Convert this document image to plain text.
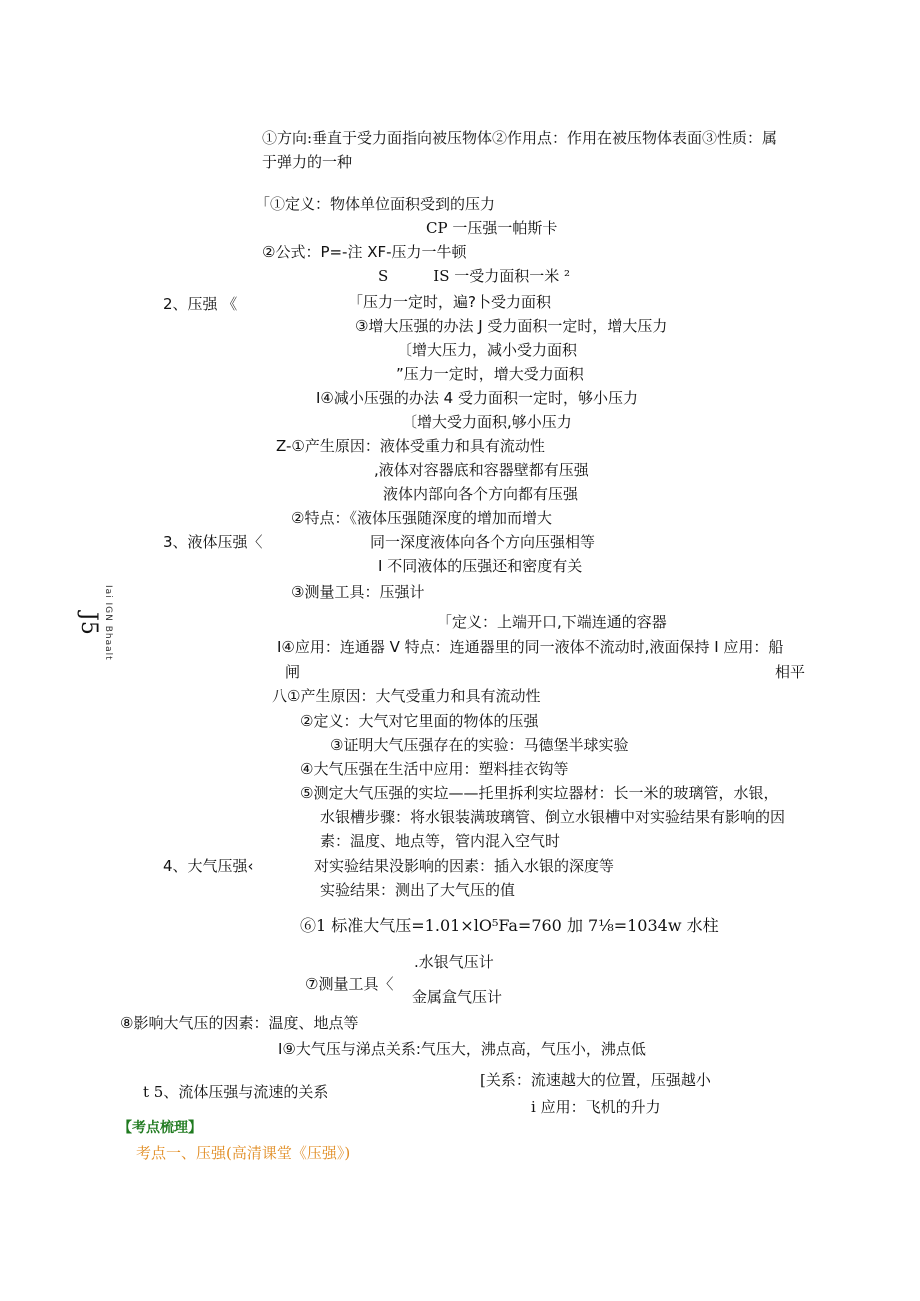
①方向:垂直于受力面指向被压物体②作用点：作用在被压物体表面③性质：属
于弹力的一种
「①定义：物体单位面积受到的压力
CP 一压强一帕斯卡
②公式：P=-注 XF-压力一牛顿
S　　　IS 一受力面积一米 ²
2、压强 《	「压力一定时，遍?卜受力面积
③增大压强的办法 J 受力面积一定时，增大压力
〔增大压力，减小受力面积
”压力一定时，增大受力面积
I④减小压强的办法 4 受力面积一定时，够小压力
〔增大受力面积,够小压力
Z-①产生原因：液体受重力和具有流动性
,液体对容器底和容器壁都有压强
液体内部向各个方向都有压强
②特点：《液体压强随深度的增加而增大
3、液体压强〈	同一深度液体向各个方向压强相等
I 不同液体的压强还和密度有关
③测量工具：压强计
「定义：上端开口,下端连通的容器
I④应用：连通器 V 特点：连通器里的同一液体不流动时,液面保持 I 应用：船
闸	相平
J5 Iai IGN Bhaalt
八①产生原因：大气受重力和具有流动性
②定义：大气对它里面的物体的压强
③证明大气压强存在的实验：马德堡半球实验
④大气压强在生活中应用：塑料挂衣钩等
⑤测定大气压强的实垃——托里拆利实垃器材：长一米的玻璃管，水银，
水银槽步骤：将水银装满玻璃管、倒立水银槽中对实验结果有影响的因
素：温度、地点等，管内混入空气时
4、大气压强‹	对实验结果没影响的因素：插入水银的深度等
实验结果：测出了大气压的值
⑥1 标准大气压=1.01×lO⁵Fa=760 加 7⅛=1034w 水柱
.水银气压计
⑦测量工具〈
金属盒气压计
⑧影响大气压的因素：温度、地点等
I⑨大气压与涕点关系:气压大，沸点高，气压小，沸点低
t 5、流体压强与流速的关系
[关系：流速越大的位置，压强越小
i 应用：飞机的升力
【考点梳理】
考点一、压强(高清课堂《压强》)
